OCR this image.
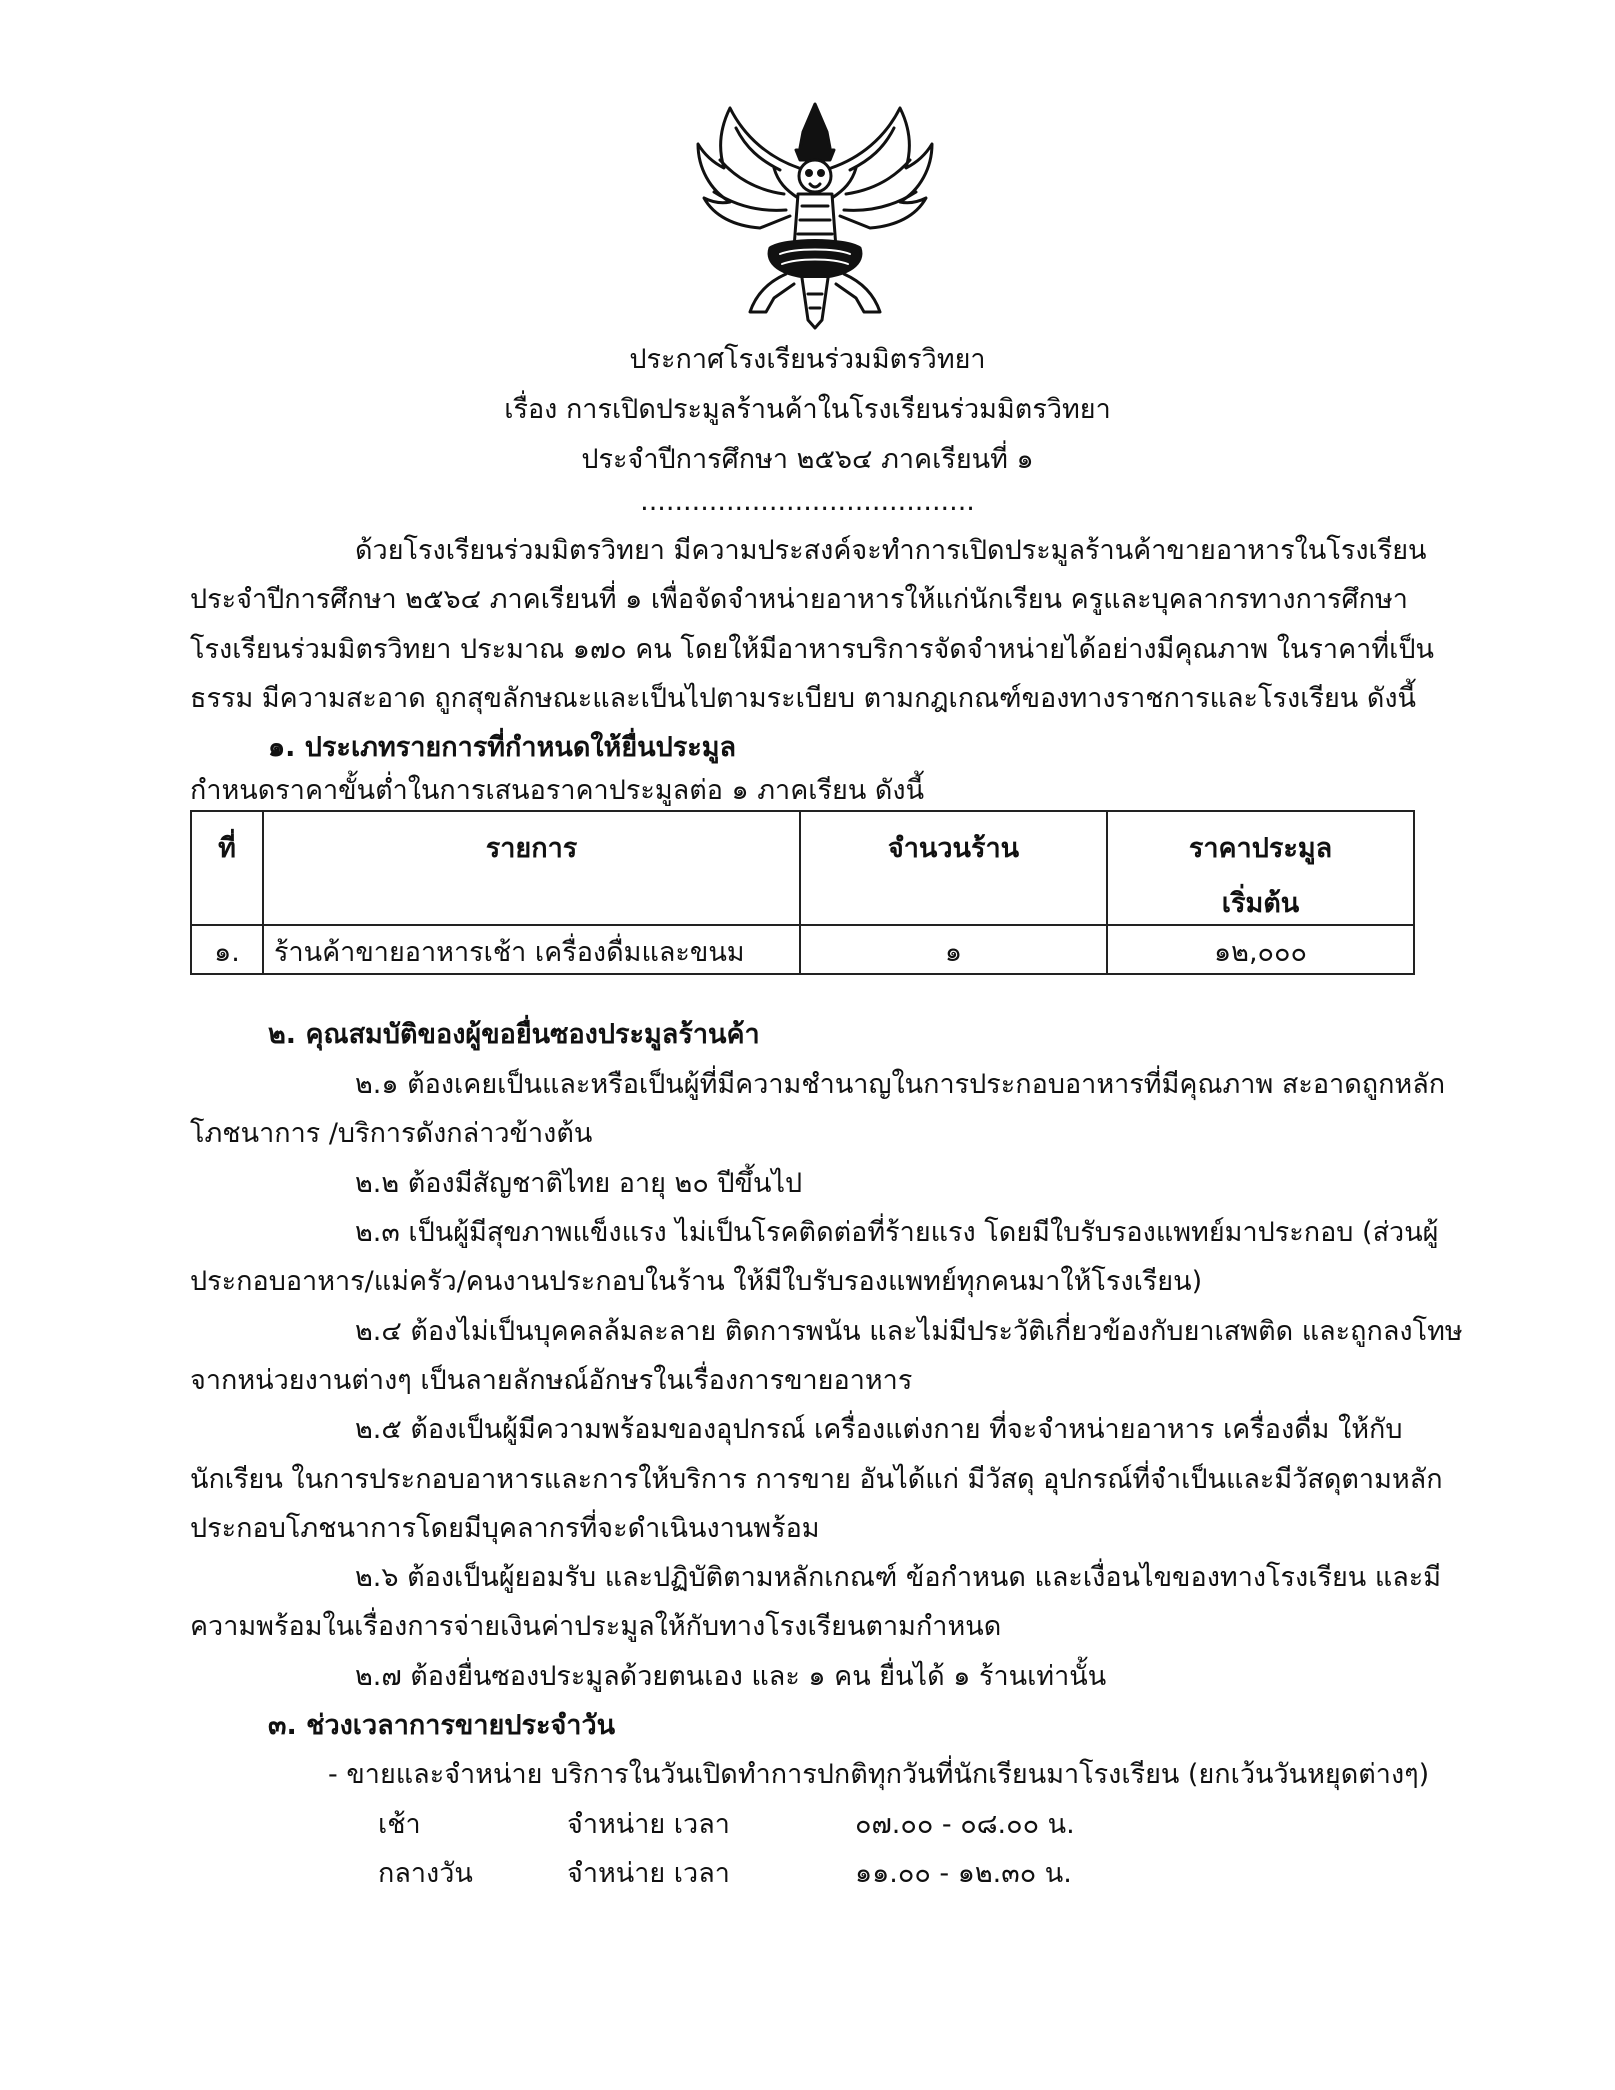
ประกาศโรงเรียนร่วมมิตรวิทยา

เรื่อง การเปิดประมูลร้านค้าในโรงเรียนร่วมมิตรวิทยา

ประจำปีการศึกษา ๒๕๖๔ ภาคเรียนที่ ๑

.......................................

ด้วยโรงเรียนร่วมมิตรวิทยา มีความประสงค์จะทำการเปิดประมูลร้านค้าขายอาหารในโรงเรียน

ประจำปีการศึกษา ๒๕๖๔ ภาคเรียนที่ ๑ เพื่อจัดจำหน่ายอาหารให้แก่นักเรียน ครูและบุคลากรทางการศึกษา

โรงเรียนร่วมมิตรวิทยา ประมาณ ๑๗๐ คน โดยให้มีอาหารบริการจัดจำหน่ายได้อย่างมีคุณภาพ ในราคาที่เป็น

ธรรม มีความสะอาด ถูกสุขลักษณะและเป็นไปตามระเบียบ ตามกฎเกณฑ์ของทางราชการและโรงเรียน ดังนี้

๑. ประเภทรายการที่กำหนดให้ยื่นประมูล

กำหนดราคาขั้นต่ำในการเสนอราคาประมูลต่อ ๑ ภาคเรียน ดังนี้

ที่	รายการ	จำนวนร้าน	ราคาประมูล
เริ่มต้น

๑.	ร้านค้าขายอาหารเช้า เครื่องดื่มและขนม	๑	๑๒,๐๐๐

๒. คุณสมบัติของผู้ขอยื่นซองประมูลร้านค้า

๒.๑ ต้องเคยเป็นและหรือเป็นผู้ที่มีความชำนาญในการประกอบอาหารที่มีคุณภาพ สะอาดถูกหลัก

โภชนาการ /บริการดังกล่าวข้างต้น

๒.๒ ต้องมีสัญชาติไทย อายุ ๒๐ ปีขึ้นไป

๒.๓ เป็นผู้มีสุขภาพแข็งแรง ไม่เป็นโรคติดต่อที่ร้ายแรง โดยมีใบรับรองแพทย์มาประกอบ (ส่วนผู้

ประกอบอาหาร/แม่ครัว/คนงานประกอบในร้าน ให้มีใบรับรองแพทย์ทุกคนมาให้โรงเรียน)

๒.๔ ต้องไม่เป็นบุคคลล้มละลาย ติดการพนัน และไม่มีประวัติเกี่ยวข้องกับยาเสพติด และถูกลงโทษ

จากหน่วยงานต่างๆ เป็นลายลักษณ์อักษรในเรื่องการขายอาหาร

๒.๕ ต้องเป็นผู้มีความพร้อมของอุปกรณ์ เครื่องแต่งกาย ที่จะจำหน่ายอาหาร เครื่องดื่ม ให้กับ

นักเรียน ในการประกอบอาหารและการให้บริการ การขาย อันได้แก่ มีวัสดุ อุปกรณ์ที่จำเป็นและมีวัสดุตามหลัก

ประกอบโภชนาการโดยมีบุคลากรที่จะดำเนินงานพร้อม

๒.๖ ต้องเป็นผู้ยอมรับ และปฏิบัติตามหลักเกณฑ์ ข้อกำหนด และเงื่อนไขของทางโรงเรียน และมี

ความพร้อมในเรื่องการจ่ายเงินค่าประมูลให้กับทางโรงเรียนตามกำหนด

๒.๗ ต้องยื่นซองประมูลด้วยตนเอง และ ๑ คน ยื่นได้ ๑ ร้านเท่านั้น

๓. ช่วงเวลาการขายประจำวัน

- ขายและจำหน่าย บริการในวันเปิดทำการปกติทุกวันที่นักเรียนมาโรงเรียน (ยกเว้นวันหยุดต่างๆ)

เช้า	จำหน่าย เวลา	๐๗.๐๐ - ๐๘.๐๐ น.

กลางวัน	จำหน่าย เวลา	๑๑.๐๐ - ๑๒.๓๐ น.
